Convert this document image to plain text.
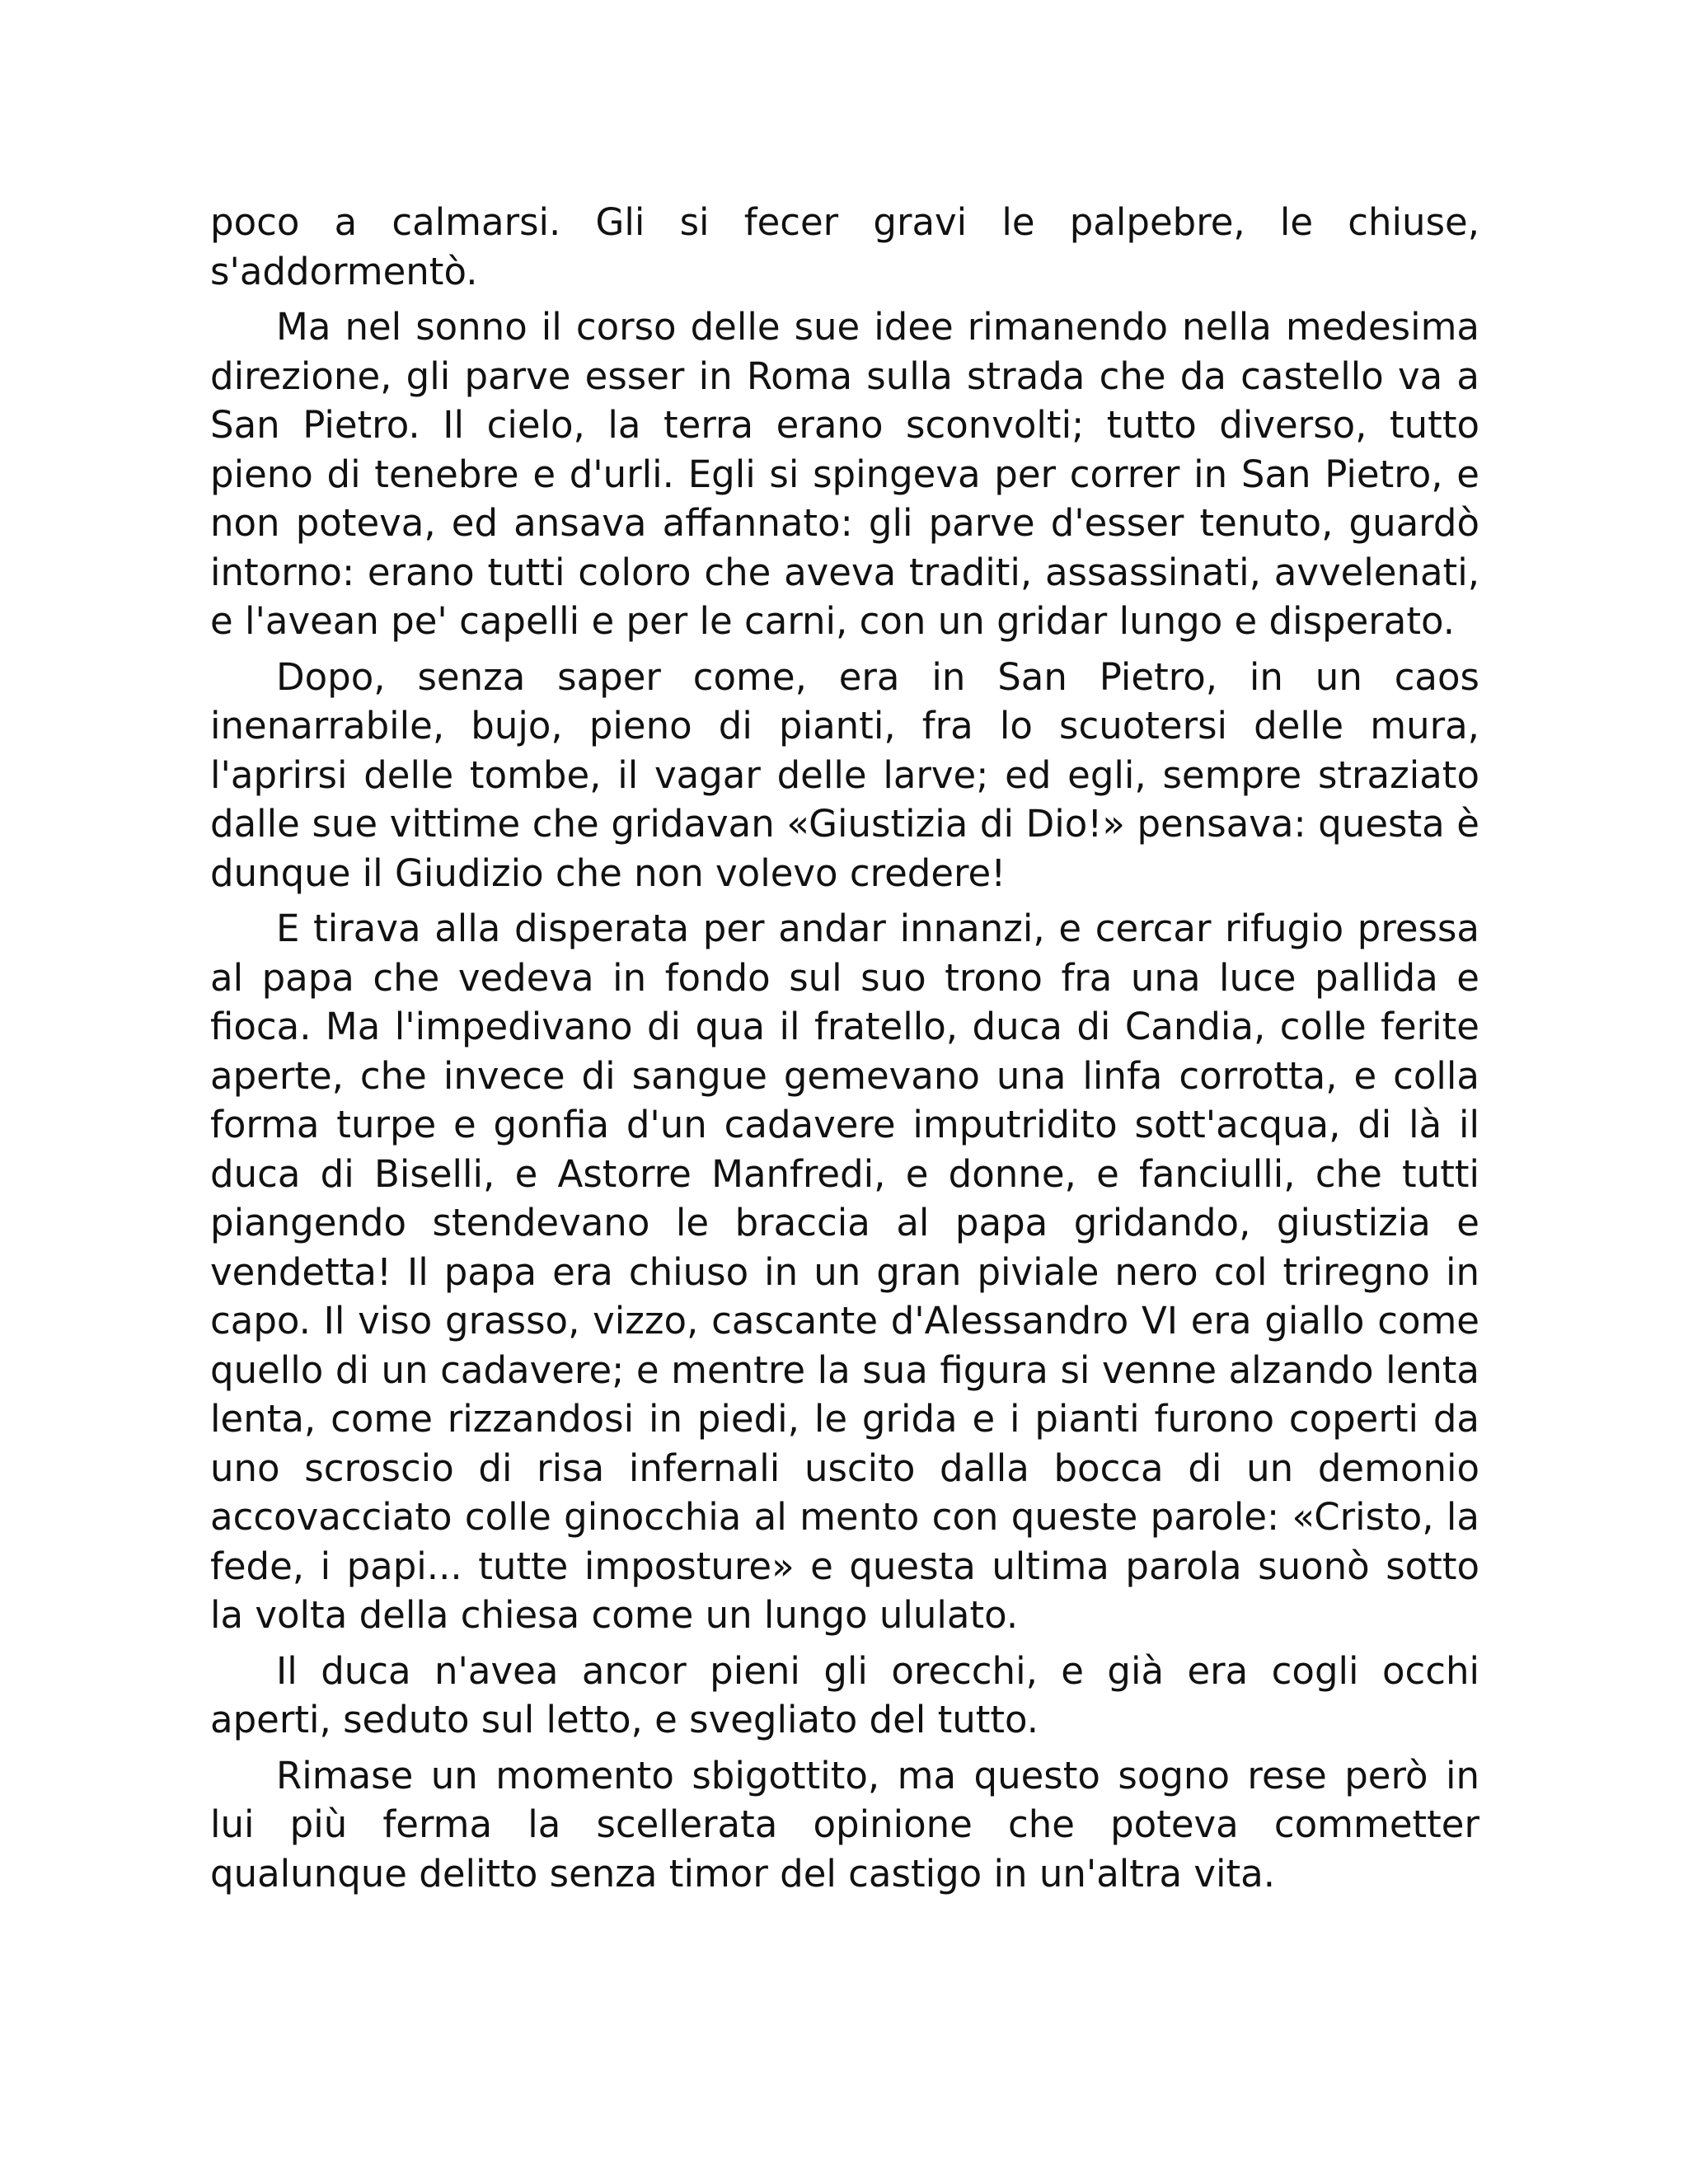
poco a calmarsi. Gli si fecer gravi le palpebre, le chiuse, s'addormentò.

Ma nel sonno il corso delle sue idee rimanendo nella medesima direzione, gli parve esser in Roma sulla strada che da castello va a San Pietro. Il cielo, la terra erano sconvolti; tutto diverso, tutto pieno di tenebre e d'urli. Egli si spingeva per correr in San Pietro, e non poteva, ed ansava affannato: gli parve d'esser tenuto, guardò intorno: erano tutti coloro che aveva traditi, assassinati, avvelenati, e l'avean pe' capelli e per le carni, con un gridar lungo e disperato.

Dopo, senza saper come, era in San Pietro, in un caos inenarrabile, bujo, pieno di pianti, fra lo scuotersi delle mura, l'aprirsi delle tombe, il vagar delle larve; ed egli, sempre straziato dalle sue vittime che gridavan «Giustizia di Dio!» pensava: questa è dunque il Giudizio che non volevo credere!

E tirava alla disperata per andar innanzi, e cercar rifugio pressa al papa che vedeva in fondo sul suo trono fra una luce pallida e fioca. Ma l'impedivano di qua il fratello, duca di Candia, colle ferite aperte, che invece di sangue gemevano una linfa corrotta, e colla forma turpe e gonfia d'un cadavere imputridito sott'acqua, di là il duca di Biselli, e Astorre Manfredi, e donne, e fanciulli, che tutti piangendo stendevano le braccia al papa gridando, giustizia e vendetta! Il papa era chiuso in un gran piviale nero col triregno in capo. Il viso grasso, vizzo, cascante d'Alessandro VI era giallo come quello di un cadavere; e mentre la sua figura si venne alzando lenta lenta, come rizzandosi in piedi, le grida e i pianti furono coperti da uno scroscio di risa infernali uscito dalla bocca di un demonio accovacciato colle ginocchia al mento con queste parole: «Cristo, la fede, i papi... tutte imposture» e questa ultima parola suonò sotto la volta della chiesa come un lungo ululato.

Il duca n'avea ancor pieni gli orecchi, e già era cogli occhi aperti, seduto sul letto, e svegliato del tutto.

Rimase un momento sbigottito, ma questo sogno rese però in lui più ferma la scellerata opinione che poteva commetter qualunque delitto senza timor del castigo in un'altra vita.
